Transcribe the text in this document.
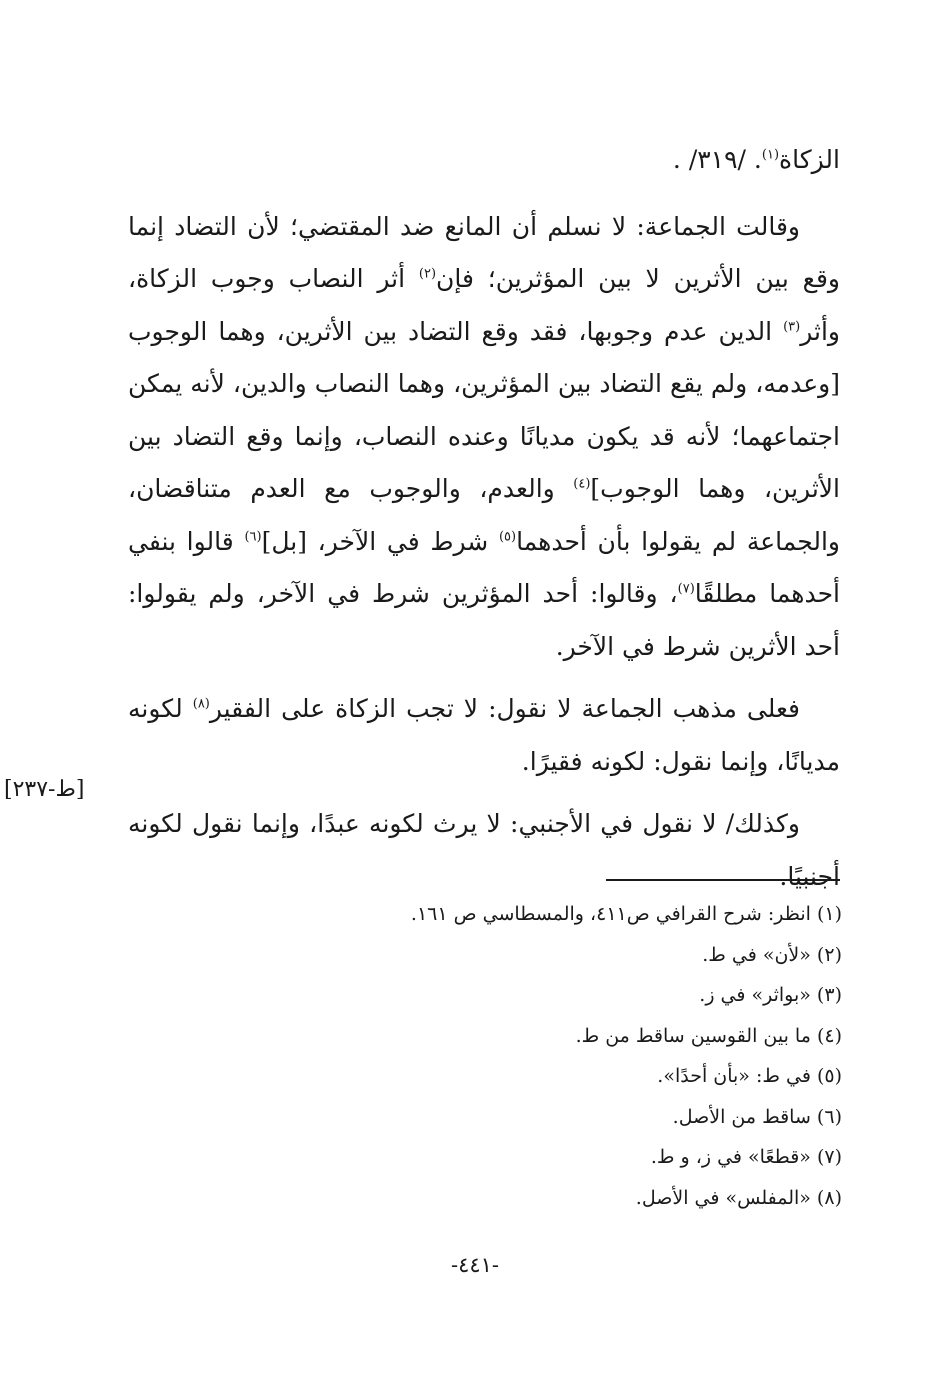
الزكاة$^{(١)}$. /٣١٩/ .

وقالت الجماعة: لا نسلم أن المانع ضد المقتضي؛ لأن التضاد إنما وقع بين الأثرين لا بين المؤثرين؛ فإن$^{(٢)}$ أثر النصاب وجوب الزكاة، وأثر$^{(٣)}$ الدين عدم وجوبها، فقد وقع التضاد بين الأثرين، وهما الوجوب [وعدمه، ولم يقع التضاد بين المؤثرين، وهما النصاب والدين، لأنه يمكن اجتماعهما؛ لأنه قد يكون مديانًا وعنده النصاب، وإنما وقع التضاد بين الأثرين، وهما الوجوب]$^{(٤)}$ والعدم، والوجوب مع العدم متناقضان، والجماعة لم يقولوا بأن أحدهما$^{(٥)}$ شرط في الآخر، [بل]$^{(٦)}$ قالوا بنفي أحدهما مطلقًا$^{(٧)}$، وقالوا: أحد المؤثرين شرط في الآخر، ولم يقولوا: أحد الأثرين شرط في الآخر.

فعلى مذهب الجماعة لا نقول: لا تجب الزكاة على الفقير$^{(٨)}$ لكونه مديانًا، وإنما نقول: لكونه فقيرًا.

وكذلك/ لا نقول في الأجنبي: لا يرث لكونه عبدًا، وإنما نقول لكونه أجنبيًا.

[ط-٢٣٧]
(١) انظر: شرح القرافي ص٤١١، والمسطاسي ص ١٦١.
(٢) «لأن» في ط.
(٣) «بواثر» في ز.
(٤) ما بين القوسين ساقط من ط.
(٥) في ط: «بأن أحدًا».
(٦) ساقط من الأصل.
(٧) «قطعًا» في ز، و ط.
(٨) «المفلس» في الأصل.
-٤٤١-
